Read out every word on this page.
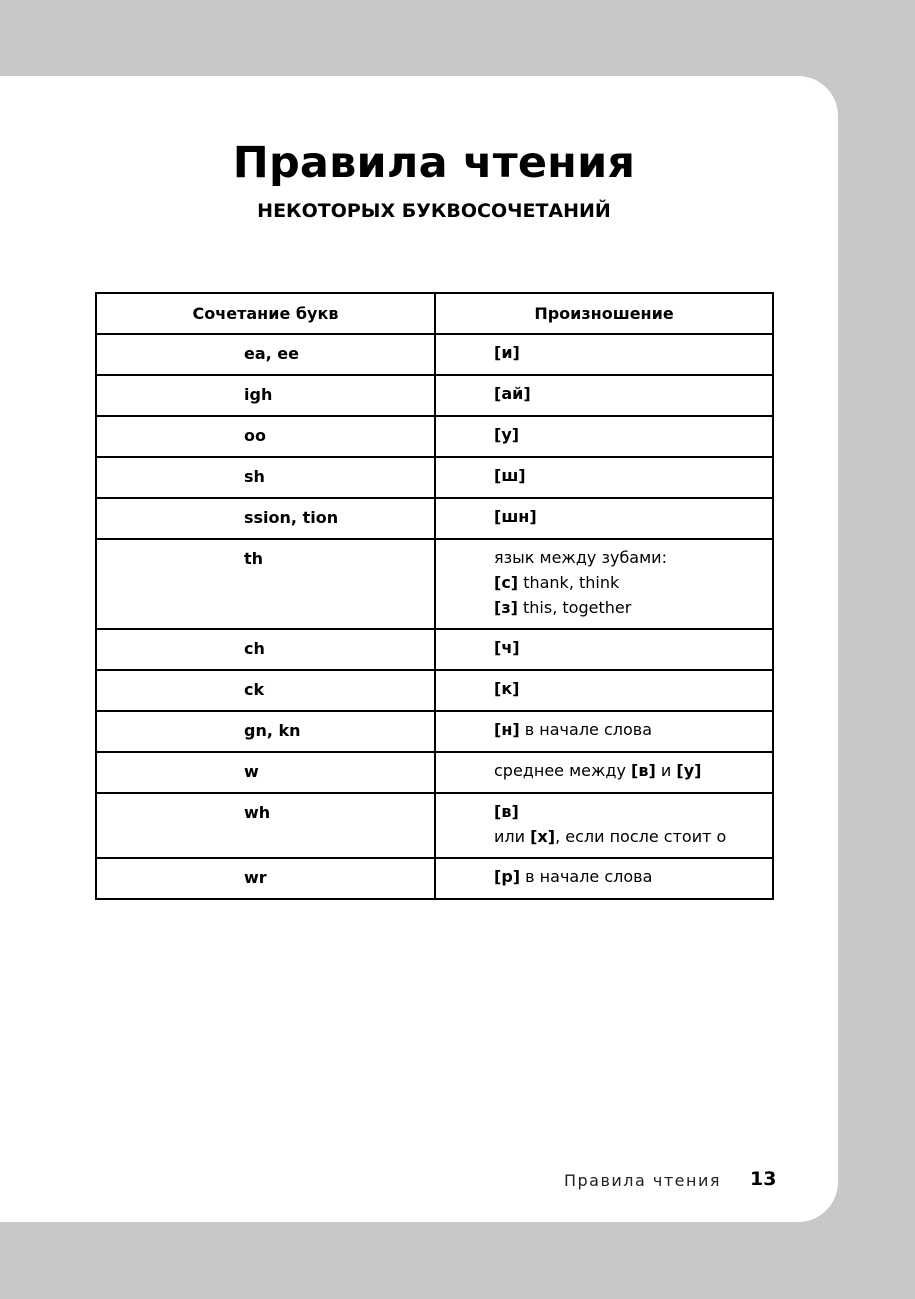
Правила чтения
НЕКОТОРЫХ БУКВОСОЧЕТАНИЙ
Сочетание букв	Произношение
ea, ee	[и]

igh	[ай]

oo	[у]

sh	[ш]

ssion, tion	[шн]

th	язык между зубами:
[с] thank, think
[з] this, together

ch	[ч]

ck	[к]

gn, kn	[н] в начале слова

w	среднее между [в] и [у]

wh	[в]
или [х], если после стоит о

wr	[р] в начале слова
Правила чтения 13
